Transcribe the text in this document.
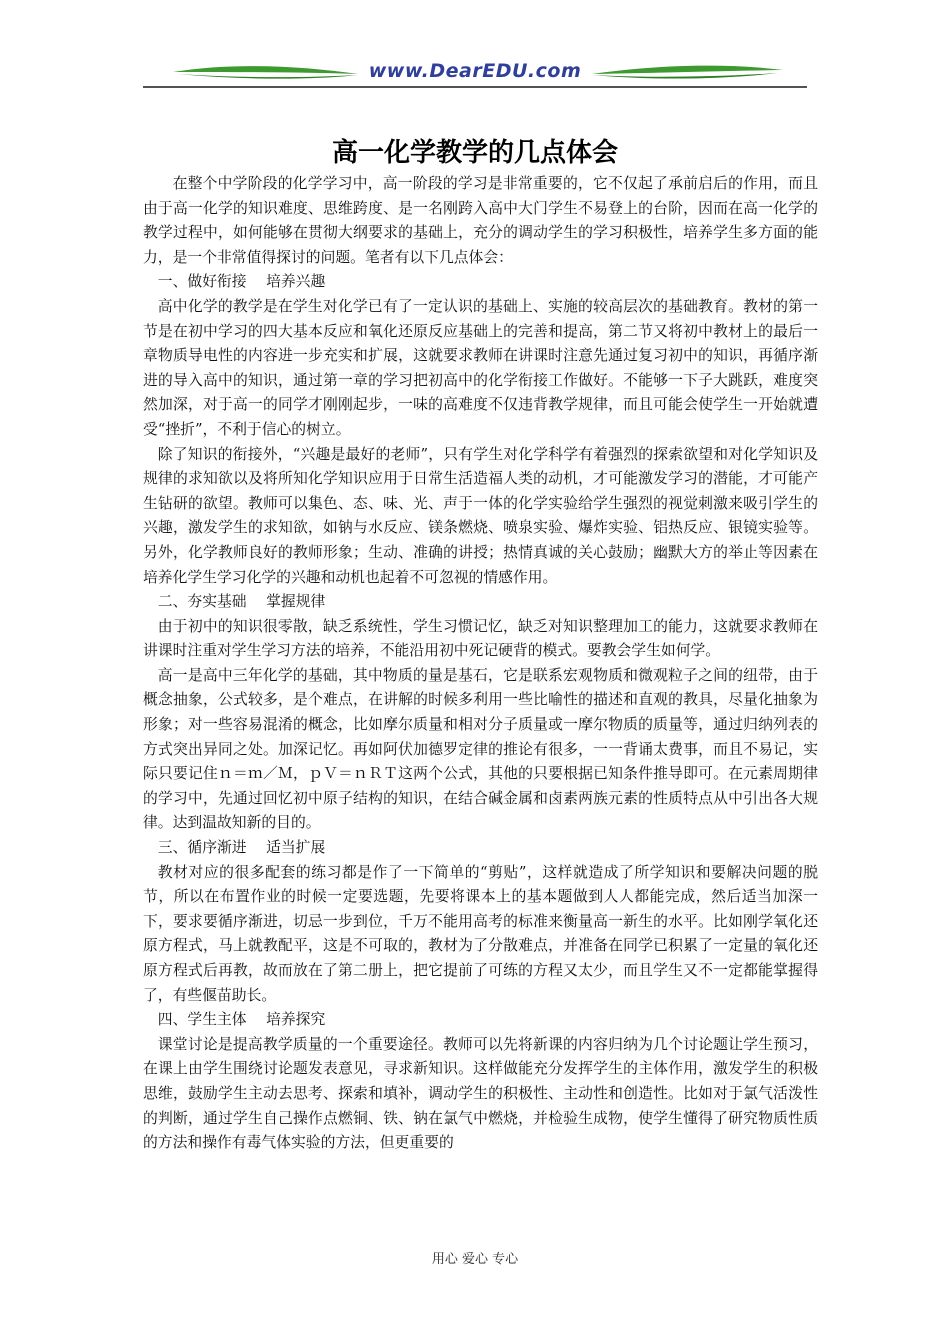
www.DearEDU.com
高一化学教学的几点体会

在整个中学阶段的化学学习中，高一阶段的学习是非常重要的，它不仅起了承前启后的作用，而且由于高一化学的知识难度、思维跨度、是一名刚跨入高中大门学生不易登上的台阶，因而在高一化学的教学过程中，如何能够在贯彻大纲要求的基础上，充分的调动学生的学习积极性，培养学生多方面的能力，是一个非常值得探讨的问题。笔者有以下几点体会：

一、做好衔接　 培养兴趣

高中化学的教学是在学生对化学已有了一定认识的基础上、实施的较高层次的基础教育。教材的第一节是在初中学习的四大基本反应和氧化还原反应基础上的完善和提高，第二节又将初中教材上的最后一章物质导电性的内容进一步充实和扩展，这就要求教师在讲课时注意先通过复习初中的知识，再循序渐进的导入高中的知识，通过第一章的学习把初高中的化学衔接工作做好。不能够一下子大跳跃，难度突然加深，对于高一的同学才刚刚起步，一味的高难度不仅违背教学规律，而且可能会使学生一开始就遭受“挫折”，不利于信心的树立。

除了知识的衔接外，“兴趣是最好的老师”，只有学生对化学科学有着强烈的探索欲望和对化学知识及规律的求知欲以及将所知化学知识应用于日常生活造福人类的动机，才可能激发学习的潜能，才可能产生钻研的欲望。教师可以集色、态、味、光、声于一体的化学实验给学生强烈的视觉刺激来吸引学生的兴趣，激发学生的求知欲，如钠与水反应、镁条燃烧、喷泉实验、爆炸实验、铝热反应、银镜实验等。另外，化学教师良好的教师形象；生动、准确的讲授；热情真诚的关心鼓励；幽默大方的举止等因素在培养化学生学习化学的兴趣和动机也起着不可忽视的情感作用。

二、夯实基础　 掌握规律

由于初中的知识很零散，缺乏系统性，学生习惯记忆，缺乏对知识整理加工的能力，这就要求教师在讲课时注重对学生学习方法的培养，不能沿用初中死记硬背的模式。要教会学生如何学。

高一是高中三年化学的基础，其中物质的量是基石，它是联系宏观物质和微观粒子之间的纽带，由于概念抽象，公式较多，是个难点，在讲解的时候多利用一些比喻性的描述和直观的教具，尽量化抽象为形象；对一些容易混淆的概念，比如摩尔质量和相对分子质量或一摩尔物质的质量等，通过归纳列表的方式突出异同之处。加深记忆。再如阿伏加德罗定律的推论有很多，一一背诵太费事，而且不易记，实际只要记住ｎ＝ｍ／Ｍ，ｐＶ＝ｎＲＴ这两个公式，其他的只要根据已知条件推导即可。在元素周期律的学习中，先通过回忆初中原子结构的知识，在结合碱金属和卤素两族元素的性质特点从中引出各大规律。达到温故知新的目的。

三、循序渐进　 适当扩展

教材对应的很多配套的练习都是作了一下简单的“剪贴”，这样就造成了所学知识和要解决问题的脱节，所以在布置作业的时候一定要选题，先要将课本上的基本题做到人人都能完成，然后适当加深一下，要求要循序渐进，切忌一步到位，千万不能用高考的标准来衡量高一新生的水平。比如刚学氧化还原方程式，马上就教配平，这是不可取的，教材为了分散难点，并准备在同学已积累了一定量的氧化还原方程式后再教，故而放在了第二册上，把它提前了可练的方程又太少，而且学生又不一定都能掌握得了，有些偃苗助长。

四、学生主体　 培养探究

课堂讨论是提高教学质量的一个重要途径。教师可以先将新课的内容归纳为几个讨论题让学生预习，在课上由学生围绕讨论题发表意见，寻求新知识。这样做能充分发挥学生的主体作用，激发学生的积极思维，鼓励学生主动去思考、探索和填补，调动学生的积极性、主动性和创造性。比如对于氯气活泼性的判断，通过学生自己操作点燃铜、铁、钠在氯气中燃烧，并检验生成物，使学生懂得了研究物质性质的方法和操作有毒气体实验的方法，但更重要的

用心 爱心 专心
